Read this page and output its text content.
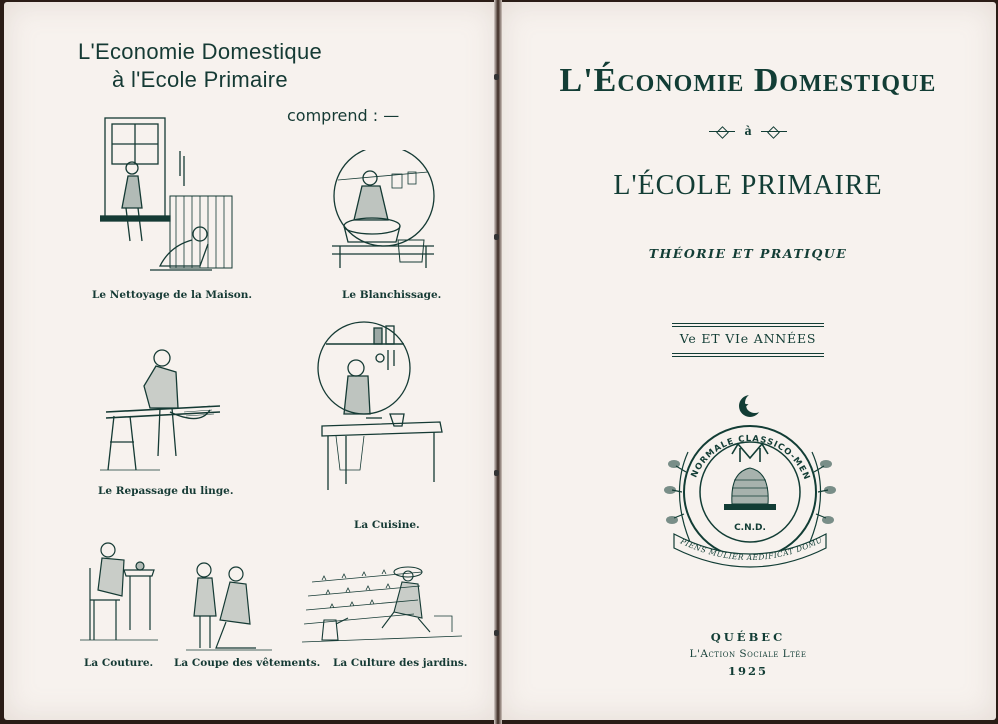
L'Economie Domestique
à l'Ecole Primaire
comprend : —
Le Nettoyage de la Maison.	Le Blanchissage.
Le Repassage du linge.
La Cuisine.
La Couture. La Coupe des vêtements. La Culture des jardins.
L'Économie Domestique
à
L'ÉCOLE PRIMAIRE
THÉORIE ET PRATIQUE
Ve ET VIe ANNÉES
NORMALE CLASSICO-MEN
C.N.D.
PIENS MULIER AEDIFICAT DOMU
QUÉBEC
L'Action Sociale Ltée
1925
